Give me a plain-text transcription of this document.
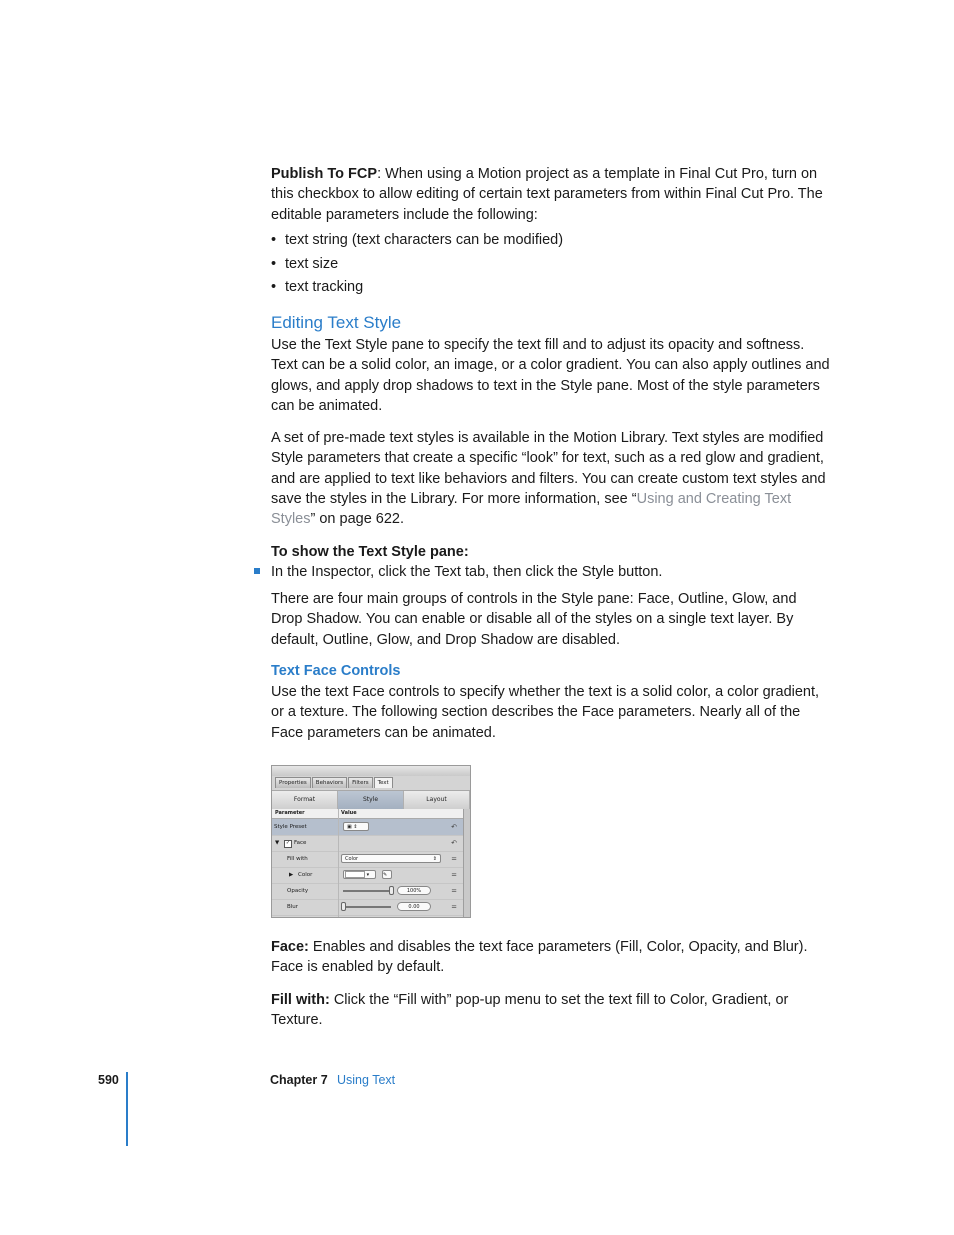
Publish To FCP: When using a Motion project as a template in Final Cut Pro, turn on this checkbox to allow editing of certain text parameters from within Final Cut Pro. The editable parameters include the following:

• text string (text characters can be modified)
• text size
• text tracking
Editing Text Style

Use the Text Style pane to specify the text fill and to adjust its opacity and softness. Text can be a solid color, an image, or a color gradient. You can also apply outlines and glows, and apply drop shadows to text in the Style pane. Most of the style parameters can be animated.

A set of pre-made text styles is available in the Motion Library. Text styles are modified Style parameters that create a specific “look” for text, such as a red glow and gradient, and are applied to text like behaviors and filters. You can create custom text styles and save the styles in the Library. For more information, see “Using and Creating Text Styles” on page 622.

To show the Text Style pane:

In the Inspector, click the Text tab, then click the Style button.

There are four main groups of controls in the Style pane: Face, Outline, Glow, and Drop Shadow. You can enable or disable all of the styles on a single text layer. By default, Outline, Glow, and Drop Shadow are disabled.

Text Face Controls

Use the text Face controls to specify whether the text is a solid color, a color gradient, or a texture. The following section describes the Face parameters. Nearly all of the Face parameters can be animated.

Properties	Behaviors	Filters	Text
Format	Style	Layout
Parameter	Value
Style Preset	▣ ⇕	↶
▼	✓ Face	↶
Fill with	Color	⇕ =
▶ Color	▾	✎	=
Opacity	100%	=
Blur	0.00	=

Face: Enables and disables the text face parameters (Fill, Color, Opacity, and Blur). Face is enabled by default.

Fill with: Click the “Fill with” pop-up menu to set the text fill to Color, Gradient, or Texture.

590	Chapter 7 Using Text
